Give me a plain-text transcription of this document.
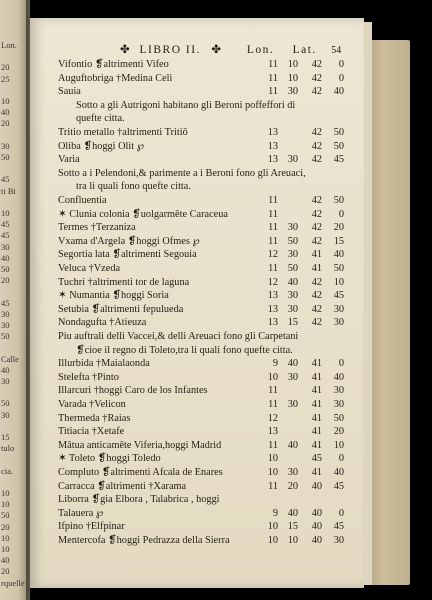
Lon.
20
25
10
40
20
30
50
45
ti Bi
10
45
45
30
40
50
20
45
30
30
50
Calle
40
30
50
30
15
tulo
cia.
10
10
50
20
10
10
40
20
rquelle
✤ LIBRO II. ✤ Lon. Lat. 54
Vifontio ❡altrimenti Vifeo	11 10	42	0
Auguftobriga †Medina Celi	11 10	42	0
Sauia	11 30	42	40
Sotto a gli Autrigoni habitano gli Beroni poffeffori di
quefte citta.
Tritio metallo †altrimenti Tritiō	13	42	50
Oliba ❡hoggi Olit ℘	13	42	50
Varia	13 30	42	45
Sotto a i Pelendoni,& parimente a i Beroni fono gli Areuaci,
tra li quali fono quefte citta.
Confluentia	11	42	50
✶ Clunia colonia ❡uolgarmēte Caraceua	11	42	0
Termes †Terzaniza	11 30	42	20
Vxama d'Argela ❡hoggi Ofmes ℘	11 50	42	15
Segortia lata ❡altrimenti Segouia	12 30	41	40
Veluca †Vzeda	11 50	41	50
Tuchri †altrimenti tor de laguna	12 40	42	10
✶ Numantia ❡hoggi Soria	13 30	42	45
Setubia ❡altrimenti fepulueda	13 30	42	30
Nondagufta †Atieuza	13 15	42	30
Piu auftrali delli Vaccei,& delli Areuaci fono gli Carpetani
❡cioe il regno di Toleto,tra li quali fono quefte citta.
Illurbida †Maialaonda	9 40	41	0
Stelefta †Pinto	10 30	41	40
Illarcuri †hoggi Caro de los Infantes	11	41	30
Varada †Velicon	11 30	41	30
Thermeda †Raias	12	41	50
Titiacia †Xetafe	13	41	20
Mātua anticamēte Viferia,hoggi Madrid	11 40	41	10
✶ Toleto ❡hoggi Toledo	10	45	0
Compluto ❡altrimenti Afcala de Enares	10 30	41	40
Carracca ❡altrimenti †Xarama	11 20	40	45
Liborra ❡gia Elbora , Talabrica , hoggi
Talauera ℘	9 40	40	0
Ifpino †Elfpinar	10 15	40	45
Mentercofa ❡hoggi Pedrazza della Sierra	10 10	40	30
